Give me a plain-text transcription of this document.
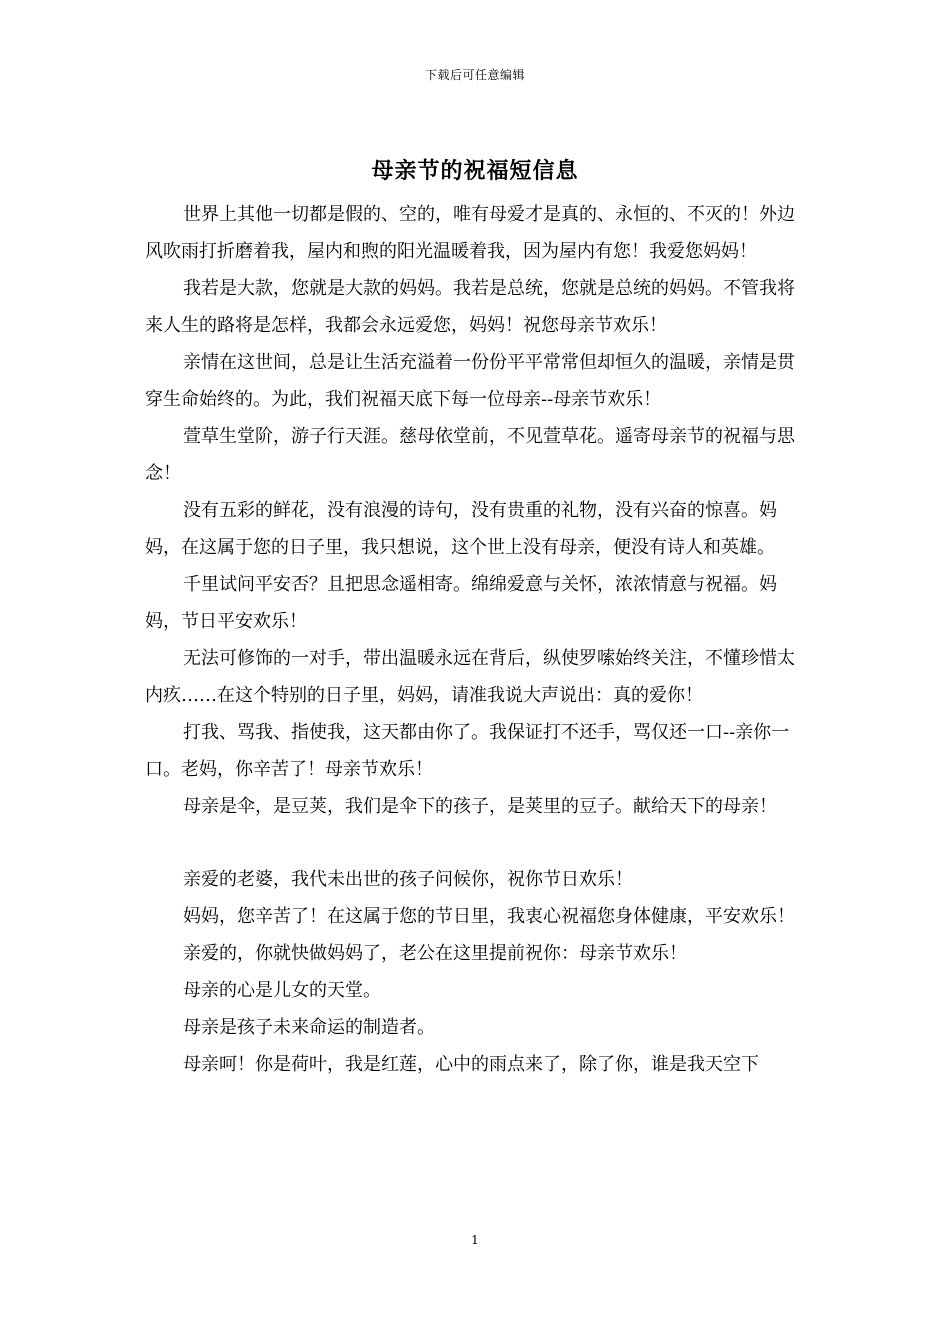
下载后可任意编辑
母亲节的祝福短信息

世界上其他一切都是假的、空的，唯有母爱才是真的、永恒的、不灭的！外边风吹雨打折磨着我，屋内和煦的阳光温暖着我，因为屋内有您！我爱您妈妈！

我若是大款，您就是大款的妈妈。我若是总统，您就是总统的妈妈。不管我将来人生的路将是怎样，我都会永远爱您，妈妈！祝您母亲节欢乐！

亲情在这世间，总是让生活充溢着一份份平平常常但却恒久的温暖，亲情是贯穿生命始终的。为此，我们祝福天底下每一位母亲--母亲节欢乐！

萱草生堂阶，游子行天涯。慈母依堂前，不见萱草花。遥寄母亲节的祝福与思念！

没有五彩的鲜花，没有浪漫的诗句，没有贵重的礼物，没有兴奋的惊喜。妈妈，在这属于您的日子里，我只想说，这个世上没有母亲，便没有诗人和英雄。

千里试问平安否？且把思念遥相寄。绵绵爱意与关怀，浓浓情意与祝福。妈妈，节日平安欢乐！

无法可修饰的一对手，带出温暖永远在背后，纵使罗嗦始终关注，不懂珍惜太内疚……在这个特别的日子里，妈妈，请准我说大声说出：真的爱你！

打我、骂我、指使我，这天都由你了。我保证打不还手，骂仅还一口--亲你一口。老妈，你辛苦了！母亲节欢乐！

母亲是伞，是豆荚，我们是伞下的孩子，是荚里的豆子。献给天下的母亲！

亲爱的老婆，我代未出世的孩子问候你，祝你节日欢乐！

妈妈，您辛苦了！在这属于您的节日里，我衷心祝福您身体健康，平安欢乐！

亲爱的，你就快做妈妈了，老公在这里提前祝你：母亲节欢乐！

母亲的心是儿女的天堂。

母亲是孩子未来命运的制造者。

母亲呵！你是荷叶，我是红莲，心中的雨点来了，除了你，谁是我天空下

1
